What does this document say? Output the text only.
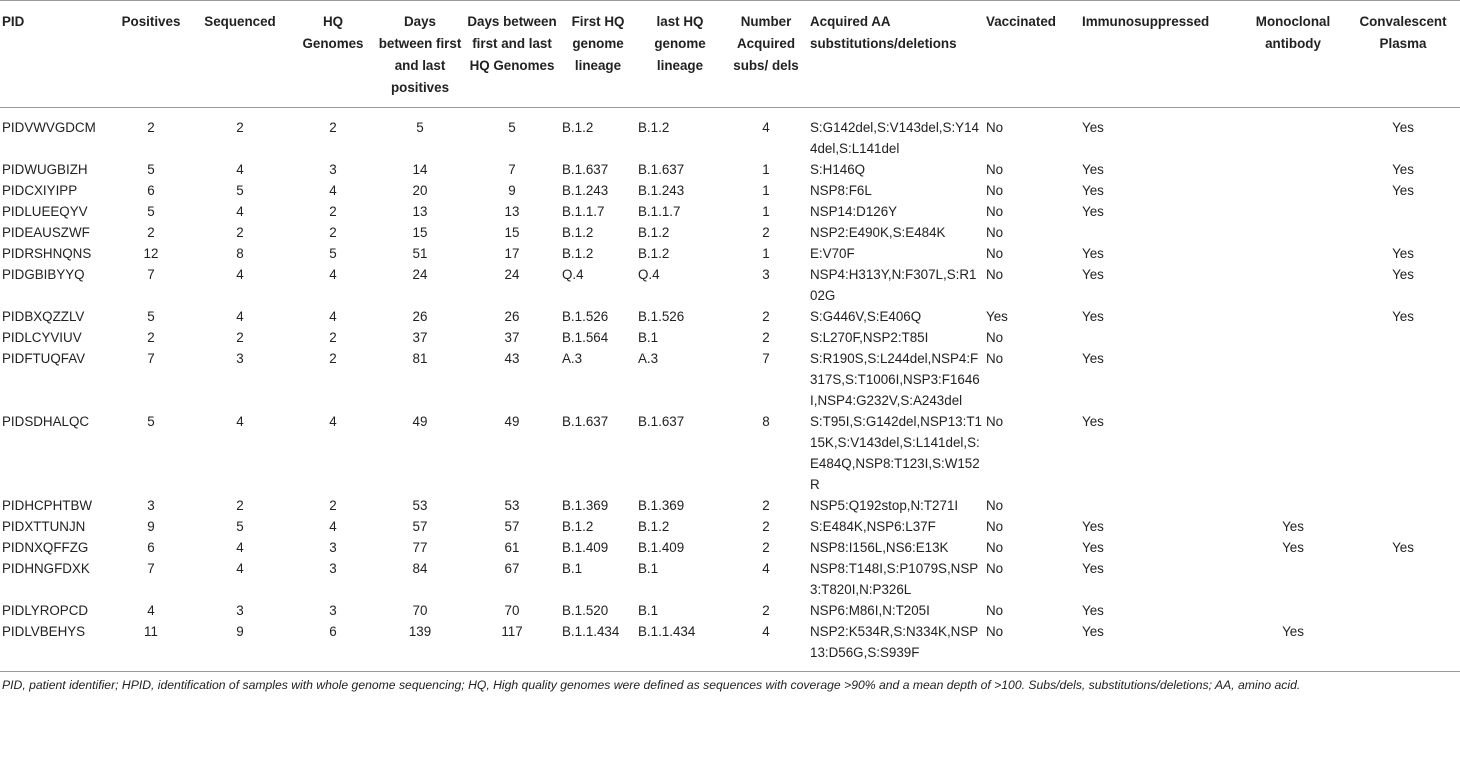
PID	Positives	Sequenced	HQ Genomes	Days between first and last positives	Days between first and last HQ Genomes	First HQ genome lineage	last HQ genome lineage	Number Acquired subs/ dels	Acquired AA substitutions/deletions	Vaccinated	Immunosuppressed	Monoclonal antibody	Convalescent Plasma
PIDVWVGDCM	2	2	2	5	5	B.1.2	B.1.2	4	S:G142del,S:V143del,S:Y144del,S:L141del	No	Yes		Yes
PIDWUGBIZH	5	4	3	14	7	B.1.637	B.1.637	1	S:H146Q	No	Yes		Yes
PIDCXIYIPP	6	5	4	20	9	B.1.243	B.1.243	1	NSP8:F6L	No	Yes		Yes
PIDLUEEQYV	5	4	2	13	13	B.1.1.7	B.1.1.7	1	NSP14:D126Y	No	Yes		
PIDEAUSZWF	2	2	2	15	15	B.1.2	B.1.2	2	NSP2:E490K,S:E484K	No			
PIDRSHNQNS	12	8	5	51	17	B.1.2	B.1.2	1	E:V70F	No	Yes		Yes
PIDGBIBYYQ	7	4	4	24	24	Q.4	Q.4	3	NSP4:H313Y,N:F307L,S:R102G	No	Yes		Yes
PIDBXQZZLV	5	4	4	26	26	B.1.526	B.1.526	2	S:G446V,S:E406Q	Yes	Yes		Yes
PIDLCYVIUV	2	2	2	37	37	B.1.564	B.1	2	S:L270F,NSP2:T85I	No			
PIDFTUQFAV	7	3	2	81	43	A.3	A.3	7	S:R190S,S:L244del,NSP4:F317S,S:T1006I,NSP3:F1646I,NSP4:G232V,S:A243del	No	Yes		
PIDSDHALQC	5	4	4	49	49	B.1.637	B.1.637	8	S:T95I,S:G142del,NSP13:T115K,S:V143del,S:L141del,S:E484Q,NSP8:T123I,S:W152R	No	Yes		
PIDHCPHTBW	3	2	2	53	53	B.1.369	B.1.369	2	NSP5:Q192stop,N:T271I	No			
PIDXTTUNJN	9	5	4	57	57	B.1.2	B.1.2	2	S:E484K,NSP6:L37F	No	Yes	Yes	
PIDNXQFFZG	6	4	3	77	61	B.1.409	B.1.409	2	NSP8:I156L,NS6:E13K	No	Yes	Yes	Yes
PIDHNGFDXK	7	4	3	84	67	B.1	B.1	4	NSP8:T148I,S:P1079S,NSP3:T820I,N:P326L	No	Yes		
PIDLYROPCD	4	3	3	70	70	B.1.520	B.1	2	NSP6:M86I,N:T205I	No	Yes		
PIDLVBEHYS	11	9	6	139	117	B.1.1.434	B.1.1.434	4	NSP2:K534R,S:N334K,NSP13:D56G,S:S939F	No	Yes	Yes	
PID, patient identifier; HPID, identification of samples with whole genome sequencing; HQ, High quality genomes were defined as sequences with coverage >90% and a mean depth of >100. Subs/dels, substitutions/deletions; AA, amino acid.
